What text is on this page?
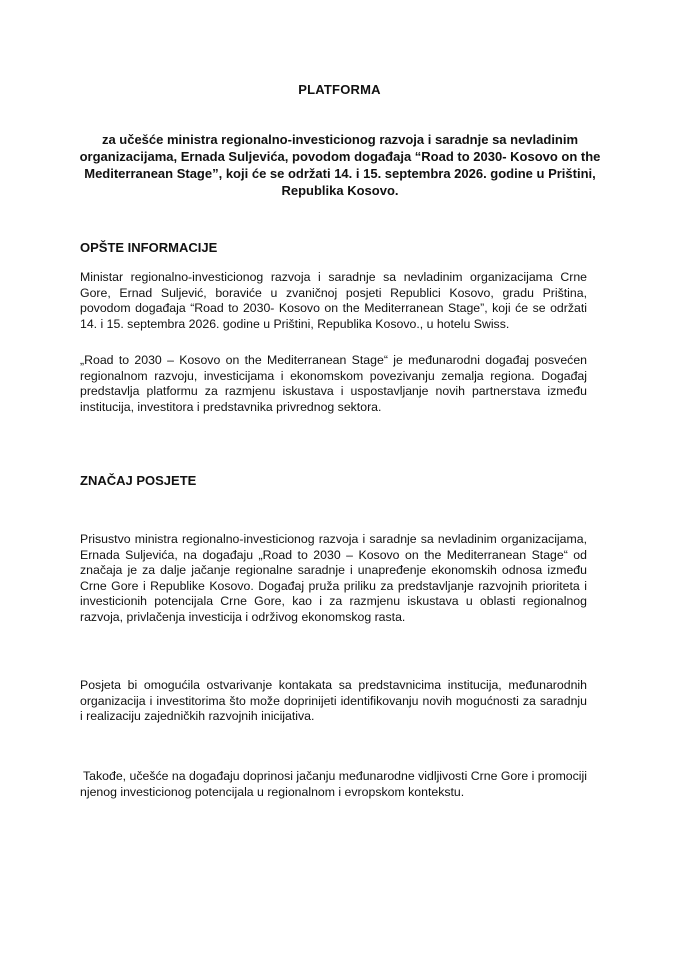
PLATFORMA
za učešće ministra regionalno-investicionog razvoja i saradnje sa nevladinim organizacijama, Ernada Suljevića, povodom događaja “Road to 2030- Kosovo on the Mediterranean Stage”, koji će se održati 14. i 15. septembra 2026. godine u Prištini, Republika Kosovo.
OPŠTE INFORMACIJE
Ministar regionalno-investicionog razvoja i saradnje sa nevladinim organizacijama Crne Gore, Ernad Suljević, boraviće u zvaničnoj posjeti Republici Kosovo, gradu Priština, povodom događaja “Road to 2030- Kosovo on the Mediterranean Stage”, koji će se održati 14. i 15. septembra 2026. godine u Prištini, Republika Kosovo., u hotelu Swiss.
„Road to 2030 – Kosovo on the Mediterranean Stage“ je međunarodni događaj posvećen regionalnom razvoju, investicijama i ekonomskom povezivanju zemalja regiona. Događaj predstavlja platformu za razmjenu iskustava i uspostavljanje novih partnerstava između institucija, investitora i predstavnika privrednog sektora.
ZNAČAJ POSJETE
Prisustvo ministra regionalno-investicionog razvoja i saradnje sa nevladinim organizacijama, Ernada Suljevića, na događaju „Road to 2030 – Kosovo on the Mediterranean Stage“ od značaja je za dalje jačanje regionalne saradnje i unapređenje ekonomskih odnosa između Crne Gore i Republike Kosovo. Događaj pruža priliku za predstavljanje razvojnih prioriteta i investicionih potencijala Crne Gore, kao i za razmjenu iskustava u oblasti regionalnog razvoja, privlačenja investicija i održivog ekonomskog rasta.
Posjeta bi omogućila ostvarivanje kontakata sa predstavnicima institucija, međunarodnih organizacija i investitorima što može doprinijeti identifikovanju novih mogućnosti za saradnju i realizaciju zajedničkih razvojnih inicijativa.
Takođe, učešće na događaju doprinosi jačanju međunarodne vidljivosti Crne Gore i promociji njenog investicionog potencijala u regionalnom i evropskom kontekstu.
